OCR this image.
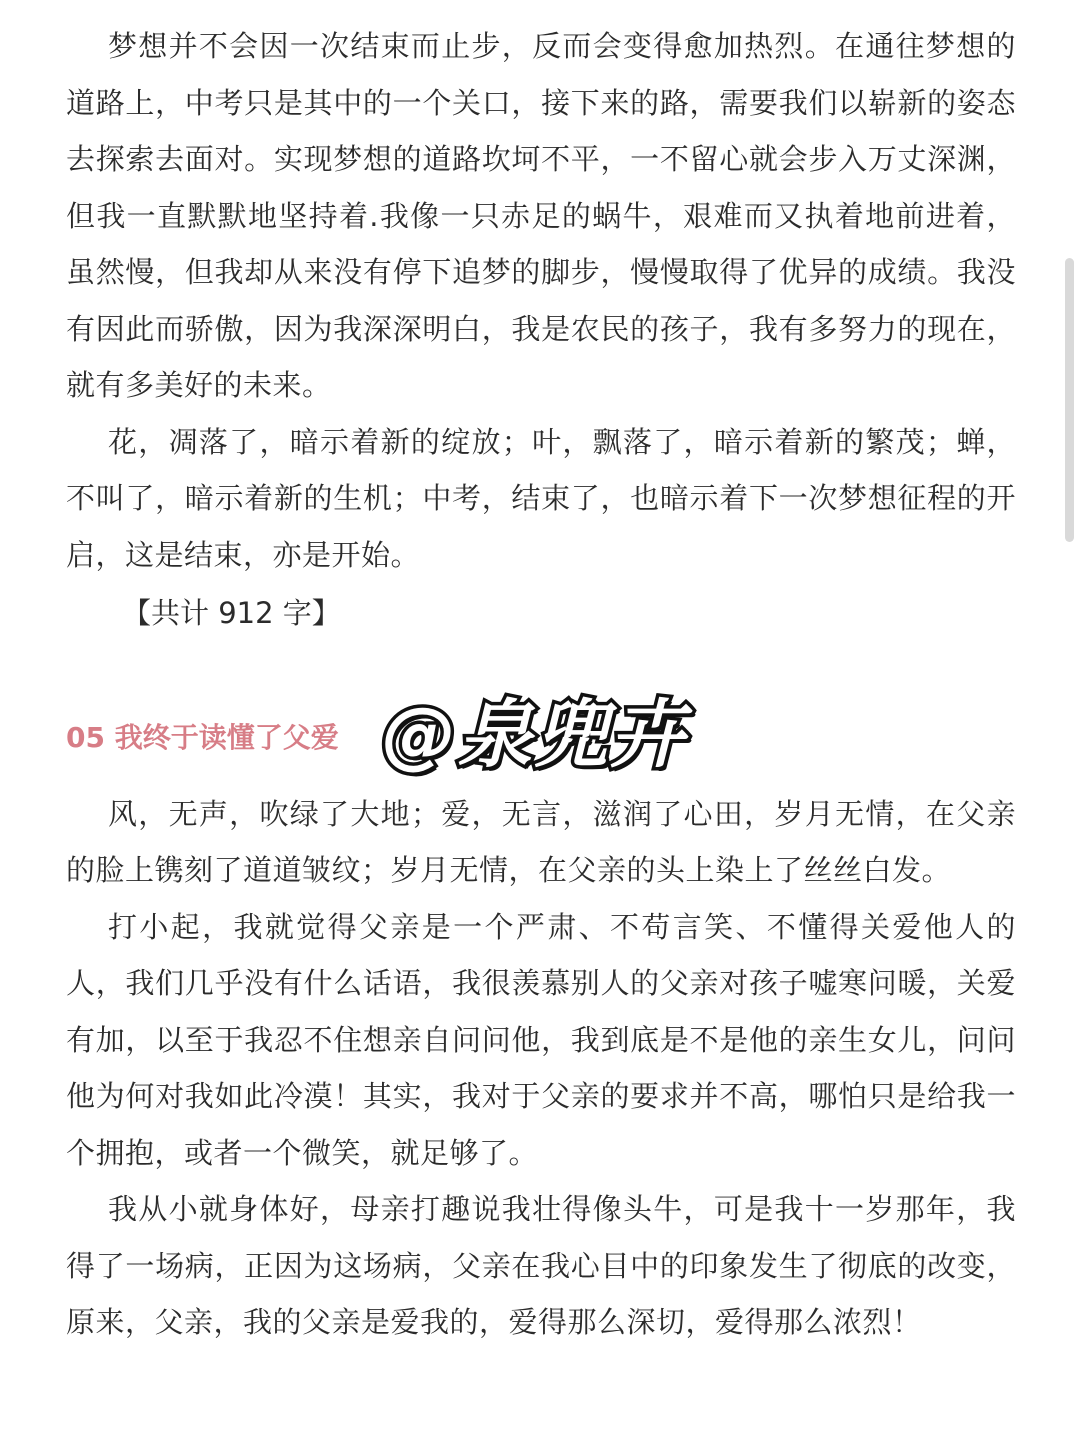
梦想并不会因一次结束而止步，反而会变得愈加热烈。在通往梦想的道路上，中考只是其中的一个关口，接下来的路，需要我们以崭新的姿态去探索去面对。实现梦想的道路坎坷不平，一不留心就会步入万丈深渊，但我一直默默地坚持着.我像一只赤足的蜗牛，艰难而又执着地前进着，虽然慢，但我却从来没有停下追梦的脚步，慢慢取得了优异的成绩。我没有因此而骄傲，因为我深深明白，我是农民的孩子，我有多努力的现在，就有多美好的未来。

花，凋落了，暗示着新的绽放；叶，飘落了，暗示着新的繁茂；蝉，不叫了，暗示着新的生机；中考，结束了，也暗示着下一次梦想征程的开启，这是结束，亦是开始。

【共计 912 字】

05 我终于读懂了父爱

风，无声，吹绿了大地；爱，无言，滋润了心田，岁月无情，在父亲的脸上镌刻了道道皱纹；岁月无情，在父亲的头上染上了丝丝白发。

打小起，我就觉得父亲是一个严肃、不苟言笑、不懂得关爱他人的人，我们几乎没有什么话语，我很羡慕别人的父亲对孩子嘘寒问暖，关爱有加，以至于我忍不住想亲自问问他，我到底是不是他的亲生女儿，问问他为何对我如此冷漠！其实，我对于父亲的要求并不高，哪怕只是给我一个拥抱，或者一个微笑，就足够了。

我从小就身体好，母亲打趣说我壮得像头牛，可是我十一岁那年，我得了一场病，正因为这场病，父亲在我心目中的印象发生了彻底的改变，原来，父亲，我的父亲是爱我的，爱得那么深切，爱得那么浓烈！

@泉兜卉
